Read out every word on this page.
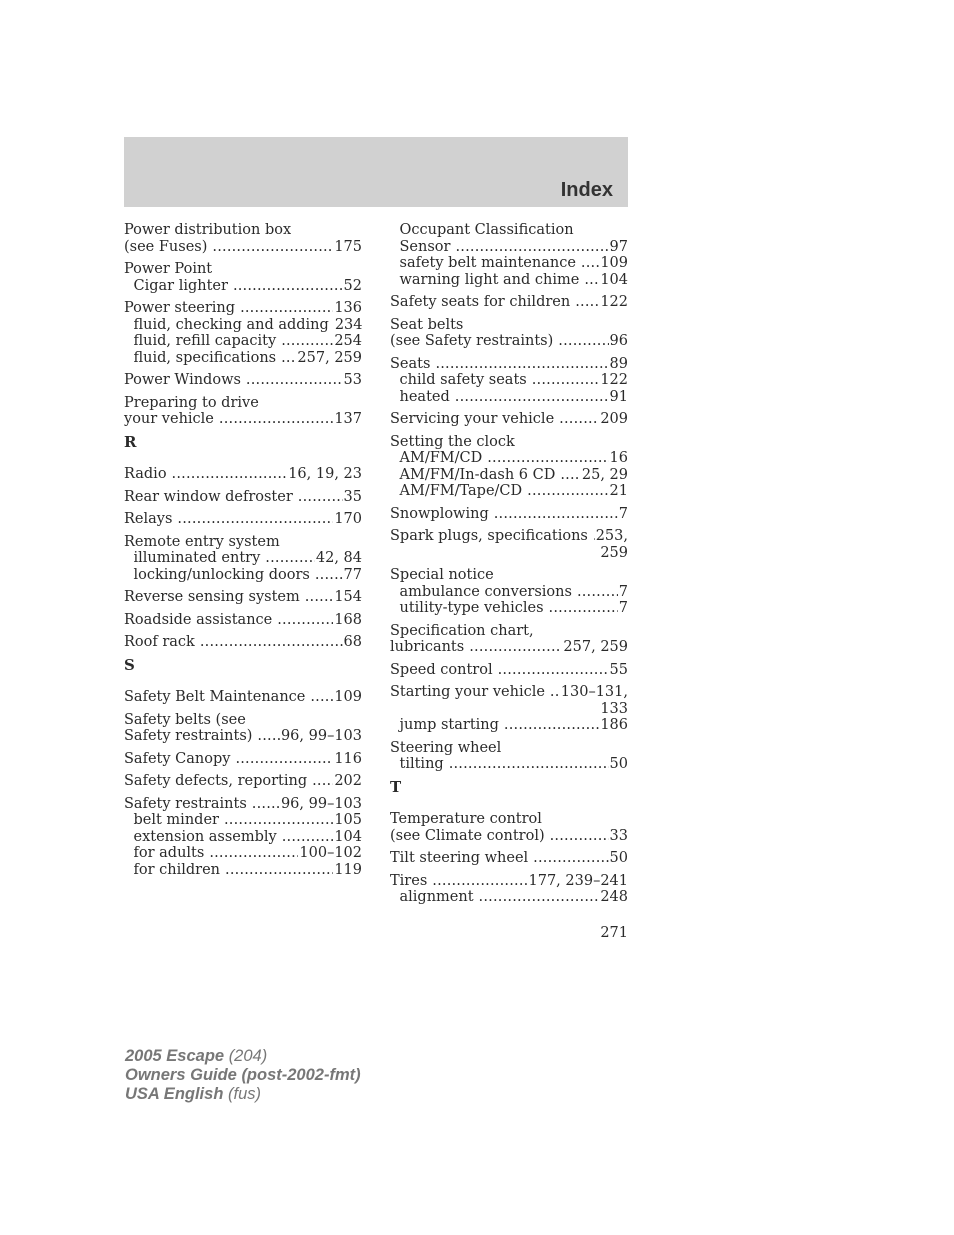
Index
Power distribution box
(see Fuses) .....	175
Power Point
Cigar lighter .....	52
Power steering .....	136
fluid, checking and adding 234
fluid, refill capacity .....	254
fluid, specifications ..... 257, 259
Power Windows .....	53
Preparing to drive
your vehicle .....	137
R
Radio .....	16, 19, 23
Rear window defroster .....	35
Relays .....	170
Remote entry system
illuminated entry .....	42, 84
locking/unlocking doors ..... 77
Reverse sensing system ..... 154
Roadside assistance .....	168
Roof rack .....	68
S
Safety Belt Maintenance ..... 109
Safety belts (see
Safety restraints) ..... 96, 99–103
Safety Canopy .....	116
Safety defects, reporting ..... 202
Safety restraints ..... 96, 99–103
belt minder .....	105
extension assembly .....	104
for adults .....	100–102
for children .....	119
Occupant Classification
Sensor .....	97
safety belt maintenance ..... 109
warning light and chime ..... 104
Safety seats for children ..... 122
Seat belts
(see Safety restraints) .....	96
Seats .....	89
child safety seats .....	122
heated .....	91
Servicing your vehicle .....	209
Setting the clock
AM/FM/CD .....	16
AM/FM/In-dash 6 CD ..... 25, 29
AM/FM/Tape/CD .....	21
Snowplowing .....	7
Spark plugs, specifications ..... 253,
259
Special notice
ambulance conversions .....	7
utility-type vehicles .....	7
Specification chart,
lubricants .....	257, 259
Speed control .....	55
Starting your vehicle ..... 130–131,
133
jump starting .....	186
Steering wheel
tilting .....	50
T
Temperature control
(see Climate control) .....	33
Tilt steering wheel .....	50
Tires .....	177, 239–241
alignment .....	248
271
2005 Escape (204)
Owners Guide (post-2002-fmt)
USA English (fus)
